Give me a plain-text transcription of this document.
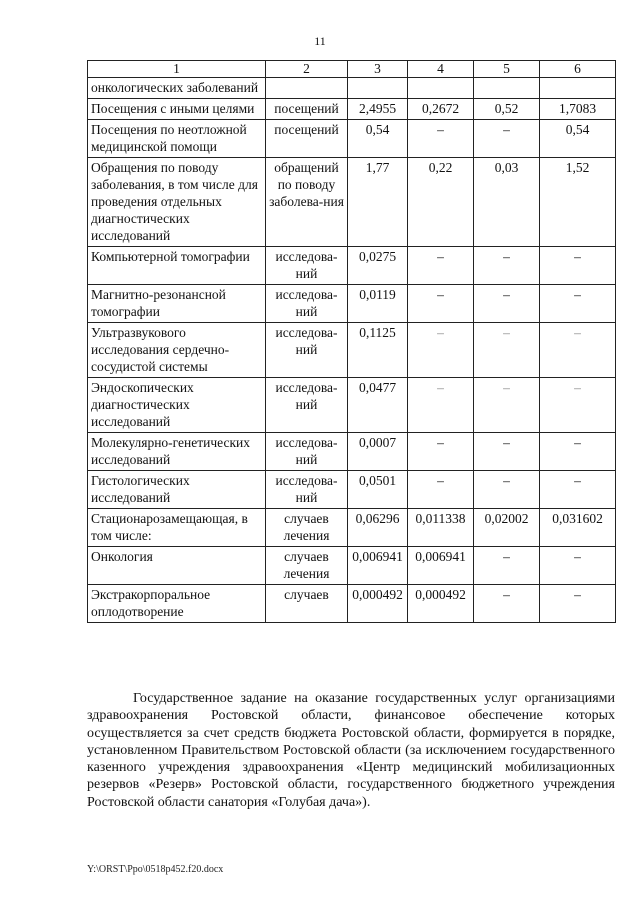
11
1	2	3	4	5	6
онкологических заболеваний					
Посещения с иными целями	посещений	2,4955	0,2672	0,52	1,7083
Посещения по неотложной медицинской помощи	посещений	0,54	–	–	0,54
Обращения по поводу заболевания, в том числе для проведения отдельных диагностических исследований	обращений по поводу заболева-ния	1,77	0,22	0,03	1,52
Компьютерной томографии	исследова-ний	0,0275	–	–	–
Магнитно-резонансной томографии	исследова-ний	0,0119	–	–	–
Ультразвукового исследования сердечно-сосудистой системы	исследова-ний	0,1125	–	–	–
Эндоскопических диагностических исследований	исследова-ний	0,0477	–	–	–
Молекулярно-генетических исследований	исследова-ний	0,0007	–	–	–
Гистологических исследований	исследова-ний	0,0501	–	–	–
Стационарозамещающая, в том числе:	случаев лечения	0,06296	0,011338	0,02002	0,031602
Онкология	случаев лечения	0,006941	0,006941	–	–
Экстракорпоральное оплодотворение	случаев	0,000492	0,000492	–	–

Государственное задание на оказание государственных услуг организациями здравоохранения Ростовской области, финансовое обеспечение которых осуществляется за счет средств бюджета Ростовской области, формируется в порядке, установленном Правительством Ростовской области (за исключением государственного казенного учреждения здравоохранения «Центр медицинский мобилизационных резервов «Резерв» Ростовской области, государственного бюджетного учреждения Ростовской области санатория «Голубая дача»).

Y:\ORST\Ppo\0518p452.f20.docx
